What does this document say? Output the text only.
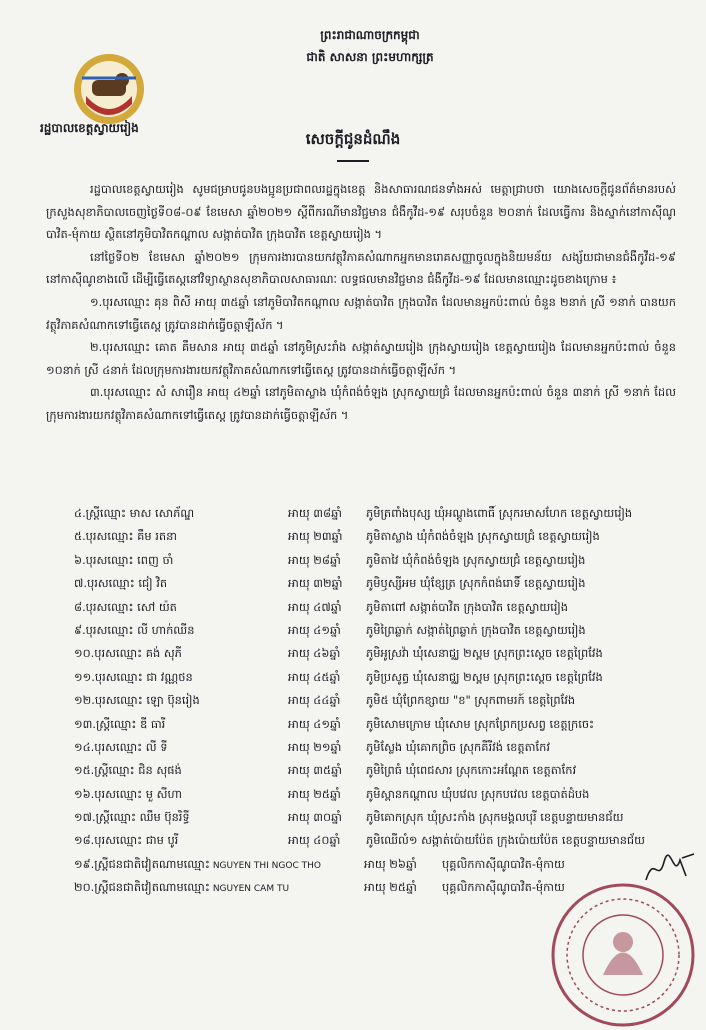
រដ្ឋបាលខេត្តស្វាយរៀង
ព្រះរាជាណាចក្រកម្ពុជា
ជាតិ សាសនា ព្រះមហាក្សត្រ
សេចក្ដីជូនដំណឹង

រដ្ឋបាលខេត្តស្វាយរៀង សូមជម្រាបជូនបងប្អូនប្រជាពលរដ្ឋក្នុងខេត្ត និងសាធារណជនទាំងអស់ មេត្តាជ្រាបថា យោងសេចក្ដីជូនព័ត៌មានរបស់ក្រសួងសុខាភិបាលចេញថ្ងៃទី០៨-០៩ ខែមេសា ឆ្នាំ២០២១ ស្ដីពីករណីមានវិជ្ជមាន ជំងឺកូវីដ-១៩ សរុបចំនួន ២០នាក់ ដែលធ្វើការ និងស្នាក់នៅកាស៊ីណូបាវិត-មុំកាយ ស្ថិតនៅភូមិបាវិតកណ្ដាល សង្កាត់បាវិត ក្រុងបាវិត ខេត្តស្វាយរៀង ។

នៅថ្ងៃទី០២ ខែមេសា ឆ្នាំ២០២១ ក្រុមការងារបានយកវត្ថុវិភាគសំណាកអ្នកមានរោគសញ្ញាចូលក្នុងនិយមន័យ សង្ស័យជាមានជំងឺកូវីដ-១៩ នៅកាស៊ីណូខាងលើ ដើម្បីធ្វើតេស្តនៅវិទ្យាស្ថានសុខាភិបាលសាធារណៈ លទ្ធផលមានវិជ្ជមាន ជំងឺកូវីដ-១៩ ដែលមានឈ្មោះដូចខាងក្រោម ៖

១.បុរសឈ្មោះ គុន ពិសី អាយុ ៣៥ឆ្នាំ នៅភូមិបាវិតកណ្ដាល សង្កាត់បាវិត ក្រុងបាវិត ដែលមានអ្នកប៉ះពាល់ ចំនួន ២នាក់ ស្រី ១នាក់ បានយកវត្ថុវិភាគសំណាកទៅធ្វើតេស្ត ត្រូវបានដាក់ធ្វើចត្តាឡីស័ក ។

២.បុរសឈ្មោះ គោត គឹមសាន អាយុ ៣៥ឆ្នាំ នៅភូមិស្រះរាំង សង្កាត់ស្វាយរៀង ក្រុងស្វាយរៀង ខេត្តស្វាយរៀង ដែលមានអ្នកប៉ះពាល់ ចំនួន ១០នាក់ ស្រី ៤នាក់ ដែលក្រុមការងារយកវត្ថុវិភាគសំណាកទៅធ្វើតេស្ត ត្រូវបានដាក់ធ្វើចត្តាឡីស័ក ។

៣.បុរសឈ្មោះ សំ សារឿន អាយុ ៤២ឆ្នាំ នៅភូមិតាស្លាង ឃុំកំពង់ចំឡង ស្រុកស្វាយជ្រំ ដែលមានអ្នកប៉ះពាល់ ចំនួន ៣នាក់ ស្រី ១នាក់ ដែលក្រុមការងារយកវត្ថុវិភាគសំណាកទៅធ្វើតេស្ត ត្រូវបានដាក់ធ្វើចត្តាឡីស័ក ។

៤.ស្ត្រីឈ្មោះ មាស សោភ័ណ្ឌ	អាយុ ៣៨ឆ្នាំ	ភូមិត្រពាំងបុស្ស ឃុំអណ្ដូងពោធិ៍ ស្រុករមាសហែក ខេត្តស្វាយរៀង
៥.បុរសឈ្មោះ គឹម រតនា	អាយុ ២៣ឆ្នាំ	ភូមិតាស្លាង ឃុំកំពង់ចំឡង ស្រុកស្វាយជ្រំ ខេត្តស្វាយរៀង
៦.បុរសឈ្មោះ ពេញ ចាំ	អាយុ ២៨ឆ្នាំ	ភូមិតាវៃ ឃុំកំពង់ចំឡង ស្រុកស្វាយជ្រំ ខេត្តស្វាយរៀង
៧.បុរសឈ្មោះ ជៀ វិត	អាយុ ៣២ឆ្នាំ	ភូមិឫស្សីអម ឃុំខ្សែត្រ ស្រុកកំពង់រោទិ៍ ខេត្តស្វាយរៀង
៨.បុរសឈ្មោះ សៅ យ៉ត	អាយុ ៤៧ឆ្នាំ	ភូមិតាពៅ សង្កាត់បាវិត ក្រុងបាវិត ខេត្តស្វាយរៀង
៩.បុរសឈ្មោះ លី ហាក់ឈីន	អាយុ ៤១ឆ្នាំ	ភូមិព្រៃឆ្លាក់ សង្កាត់ព្រៃឆ្លាក់ ក្រុងបាវិត ខេត្តស្វាយរៀង
១០.បុរសឈ្មោះ គង់ សុភី	អាយុ ៤៦ឆ្នាំ	ភូមិអូស្រវ៉ា ឃុំសេនាជ្ឈ ២ស្ពម ស្រុកព្រះស្ដេច ខេត្តព្រៃវែង
១១.បុរសឈ្មោះ ជា វណ្ណថន	អាយុ ៤៥ឆ្នាំ	ភូមិប្រសូត្ធ ឃុំសេនាជ្ឈ ២ស្ពម ស្រុកព្រះស្ដេច ខេត្តព្រៃវែង
១២.បុរសឈ្មោះ ឡោ ប៊ុនរៀង	អាយុ ៤៤ឆ្នាំ	ភូមិ៥ ឃុំព្រែកខ្សាយ "ខ" ស្រុកពាមរក៍ ខេត្តព្រៃវែង
១៣.ស្ត្រីឈ្មោះ ឌី ធារី	អាយុ ៤១ឆ្នាំ	ភូមិសោមក្រោម ឃុំសោម ស្រុកព្រែកប្រសព្វ ខេត្តក្រចេះ
១៤.បុរសឈ្មោះ លី ទី	អាយុ ២១ឆ្នាំ	ភូមិស្លែង ឃុំគោកព្រិច ស្រុកគីរីវង់ ខេត្តតាកែវ
១៥.ស្ត្រីឈ្មោះ ជិន សុផង់	អាយុ ៣៥ឆ្នាំ	ភូមិព្រៃធំ ឃុំពេជសារ ស្រុកកោះអណ្ដែត ខេត្តតាកែវ
១៦.បុរសឈ្មោះ មួ សីហា	អាយុ ២៥ឆ្នាំ	ភូមិស្ពានកណ្ដាល ឃុំបវេល ស្រុកបវេល ខេត្តបាត់ដំបង
១៧.ស្ត្រីឈ្មោះ ឈឹម ប៊ុនរិទ្ធី	អាយុ ៣០ឆ្នាំ	ភូមិគោកស្រុក ឃុំស្រះកាំង ស្រុកមង្គលបុរី ខេត្តបន្ទាយមានជ័យ
១៨.បុរសឈ្មោះ ជាម បូរី	អាយុ ៤០ឆ្នាំ	ភូមិឈើលំ១ សង្កាត់ប៉ោយប៉ែត ក្រុងប៉ោយប៉ែត ខេត្តបន្ទាយមានជ័យ
១៩.ស្ត្រីជនជាតិវៀតណាមឈ្មោះ NGUYEN THI NGOC THO	អាយុ ២៦ឆ្នាំ	បុគ្គលិកកាស៊ីណូបាវិត-មុំកាយ
២០.ស្ត្រីជនជាតិវៀតណាមឈ្មោះ NGUYEN CAM TU	អាយុ ២៥ឆ្នាំ	បុគ្គលិកកាស៊ីណូបាវិត-មុំកាយ
